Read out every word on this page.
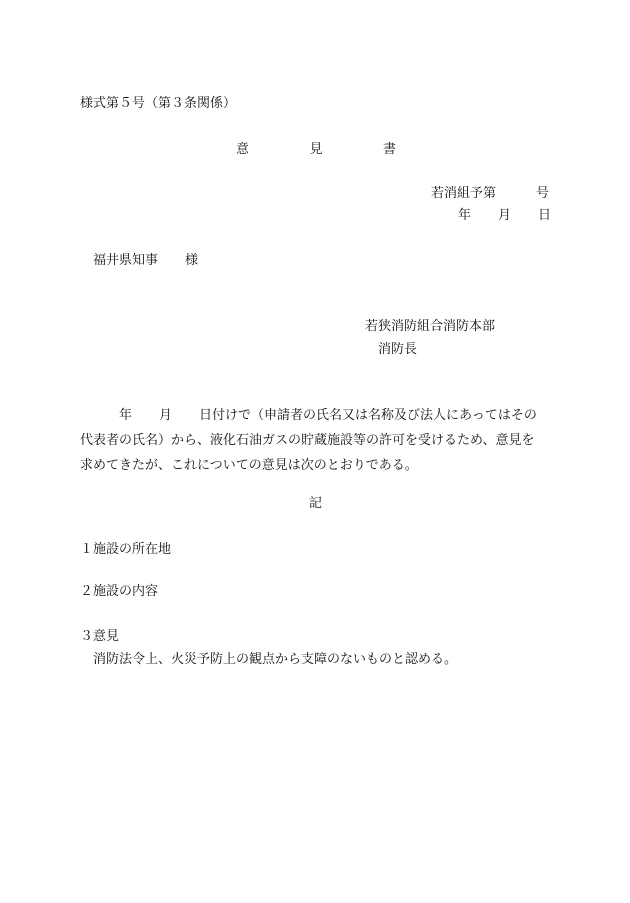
様式第５号（第３条関係）
意	見	書
若消組予第	号
年 月 日
福井県知事 様
若狭消防組合消防本部
消防長
年 月 日付けで（申請者の氏名又は名称及び法人にあってはその
代表者の氏名）から、液化石油ガスの貯蔵施設等の許可を受けるため、意見を
求めてきたが、これについての意見は次のとおりである。
記
１施設の所在地
２施設の内容
３意見
消防法令上、火災予防上の観点から支障のないものと認める。
